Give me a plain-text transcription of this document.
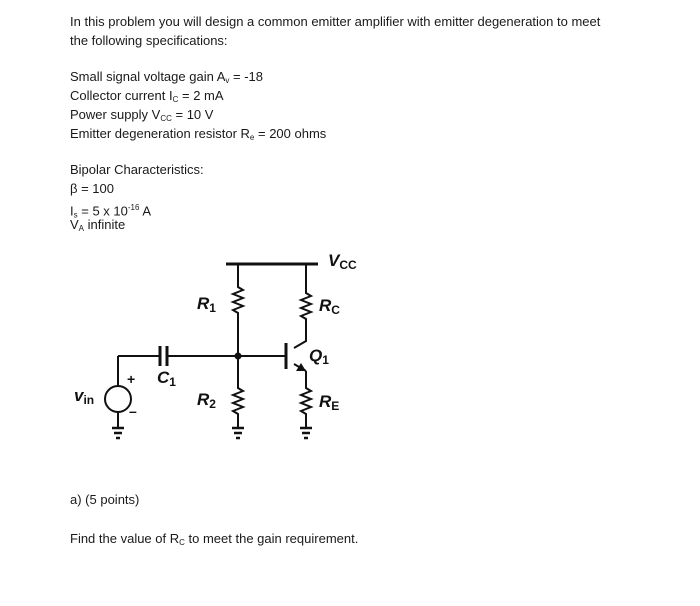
In this problem you will design a common emitter amplifier with emitter degeneration to meet
the following specifications:
Small signal voltage gain $A_v = -18$
Collector current $I_C = 2$ mA
Power supply $V_{CC} = 10$ V
Emitter degeneration resistor $R_e = 200$ ohms
Bipolar Characteristics:
β = 100
$I_s = 5$ x $10^{-16}$ A
$V_A$ infinite
$V_{CC}$
$R_1$	$R_C$
$Q_1$
$C_1$
$R_2$	$R_E$
$v_{in}$
+
–
a) (5 points)
Find the value of $R_C$ to meet the gain requirement.
